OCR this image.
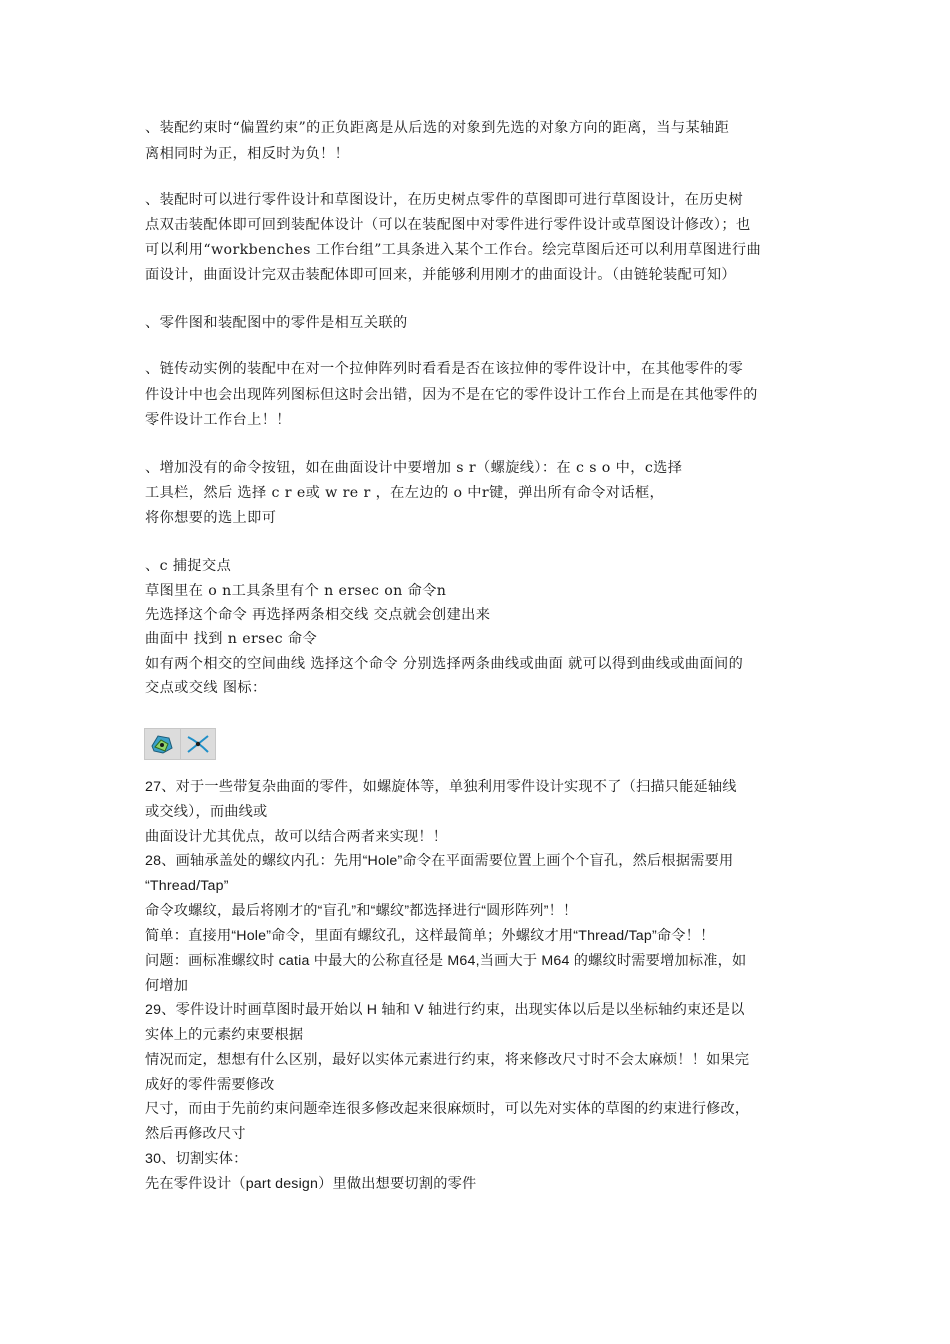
、装配约束时“偏置约束”的正负距离是从后选的对象到先选的对象方向的距离，当与某轴距
离相同时为正，相反时为负！！
、装配时可以进行零件设计和草图设计，在历史树点零件的草图即可进行草图设计，在历史树
点双击装配体即可回到装配体设计（可以在装配图中对零件进行零件设计或草图设计修改）；也
可以利用“workbenches 工作台组”工具条进入某个工作台。绘完草图后还可以利用草图进行曲
面设计，曲面设计完双击装配体即可回来，并能够利用刚才的曲面设计。（由链轮装配可知）
、零件图和装配图中的零件是相互关联的
、链传动实例的装配中在对一个拉伸阵列时看看是否在该拉伸的零件设计中，在其他零件的零
件设计中也会出现阵列图标但这时会出错，因为不是在它的零件设计工作台上而是在其他零件的
零件设计工作台上！！
、增加没有的命令按钮，如在曲面设计中要增加 s r（螺旋线）：在 c s o 中，c选择
工具栏，然后 选择 c r e或 w re r ，在左边的 o 中r键，弹出所有命令对话框，
将你想要的选上即可
、c 捕捉交点
草图里在 o n工具条里有个 n ersec on 命令n
先选择这个命令 再选择两条相交线 交点就会创建出来
曲面中 找到 n ersec 命令
如有两个相交的空间曲线 选择这个命令 分别选择两条曲线或曲面 就可以得到曲线或曲面间的
交点或交线 图标：
27、对于一些带复杂曲面的零件，如螺旋体等，单独利用零件设计实现不了（扫描只能延轴线
或交线），而曲线或
曲面设计尤其优点，故可以结合两者来实现！！
28、画轴承盖处的螺纹内孔：先用“Hole”命令在平面需要位置上画个个盲孔，然后根据需要用
“Thread/Tap”
命令攻螺纹，最后将刚才的“盲孔”和“螺纹”都选择进行“圆形阵列”！！
简单：直接用“Hole”命令，里面有螺纹孔，这样最简单；外螺纹才用“Thread/Tap”命令！！
问题：画标准螺纹时 catia 中最大的公称直径是 M64,当画大于 M64 的螺纹时需要增加标准，如
何增加
29、零件设计时画草图时最开始以 H 轴和 V 轴进行约束，出现实体以后是以坐标轴约束还是以
实体上的元素约束要根据
情况而定，想想有什么区别，最好以实体元素进行约束，将来修改尺寸时不会太麻烦！！如果完
成好的零件需要修改
尺寸，而由于先前约束问题牵连很多修改起来很麻烦时，可以先对实体的草图的约束进行修改，
然后再修改尺寸
30、切割实体：
先在零件设计（part design）里做出想要切割的零件
